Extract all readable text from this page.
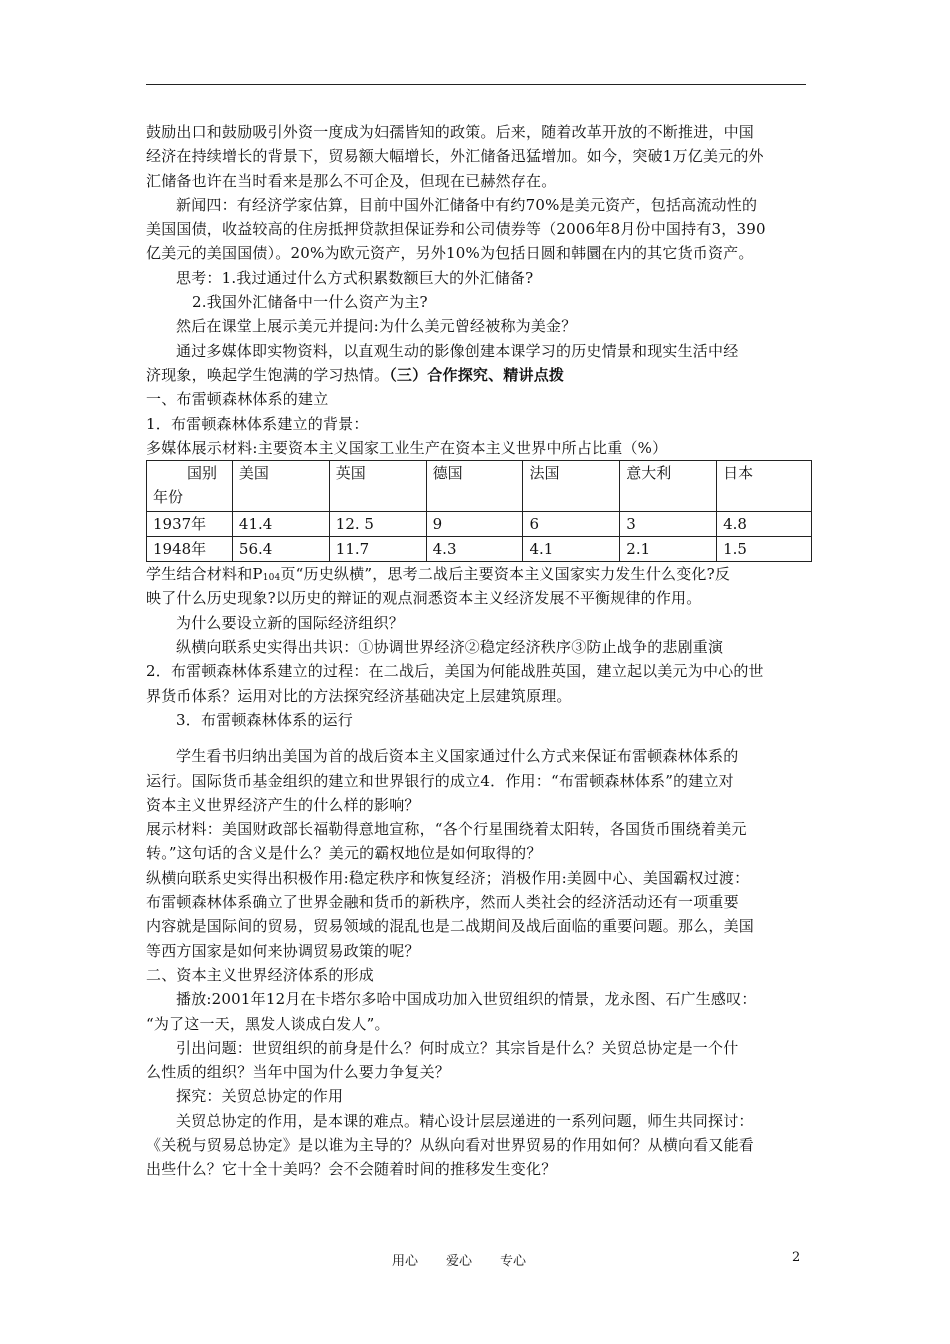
鼓励出口和鼓励吸引外资一度成为妇孺皆知的政策。后来，随着改革开放的不断推进，中国
经济在持续增长的背景下，贸易额大幅增长，外汇储备迅猛增加。如今，突破1万亿美元的外
汇储备也许在当时看来是那么不可企及，但现在已赫然存在。
新闻四：有经济学家估算，目前中国外汇储备中有约70%是美元资产，包括高流动性的
美国国债，收益较高的住房抵押贷款担保证券和公司债券等（2006年8月份中国持有3，390
亿美元的美国国债）。20%为欧元资产，另外10%为包括日圆和韩圜在内的其它货币资产。
思考：1.我过通过什么方式积累数额巨大的外汇储备?
2.我国外汇储备中一什么资产为主?
然后在课堂上展示美元并提问:为什么美元曾经被称为美金？
通过多媒体即实物资料，以直观生动的影像创建本课学习的历史情景和现实生活中经
济现象，唤起学生饱满的学习热情。（三）合作探究、精讲点拨
一、布雷顿森林体系的建立
1．布雷顿森林体系建立的背景：
多媒体展示材料:主要资本主义国家工业生产在资本主义世界中所占比重（%）
国别
年份	美国	英国	德国	法国	意大利	日本
1937年	41.4	12. 5	9	6	3	4.8
1948年	56.4	11.7	4.3	4.1	2.1	1.5
学生结合材料和$P_{104}$页“历史纵横”，思考二战后主要资本主义国家实力发生什么变化?反
映了什么历史现象?以历史的辩证的观点洞悉资本主义经济发展不平衡规律的作用。
为什么要设立新的国际经济组织？
纵横向联系史实得出共识：①协调世界经济②稳定经济秩序③防止战争的悲剧重演
2．布雷顿森林体系建立的过程：在二战后，美国为何能战胜英国，建立起以美元为中心的世
界货币体系？运用对比的方法探究经济基础决定上层建筑原理。
3．布雷顿森林体系的运行
学生看书归纳出美国为首的战后资本主义国家通过什么方式来保证布雷顿森林体系的
运行。国际货币基金组织的建立和世界银行的成立4．作用：“布雷顿森林体系”的建立对
资本主义世界经济产生的什么样的影响？
展示材料：美国财政部长福勒得意地宣称，“各个行星围绕着太阳转，各国货币围绕着美元
转。”这句话的含义是什么？美元的霸权地位是如何取得的？
纵横向联系史实得出积极作用:稳定秩序和恢复经济；消极作用:美圆中心、美国霸权过渡：
布雷顿森林体系确立了世界金融和货币的新秩序，然而人类社会的经济活动还有一项重要
内容就是国际间的贸易，贸易领域的混乱也是二战期间及战后面临的重要问题。那么，美国
等西方国家是如何来协调贸易政策的呢？
二、资本主义世界经济体系的形成
播放:2001年12月在卡塔尔多哈中国成功加入世贸组织的情景，龙永图、石广生感叹：
“为了这一天，黑发人谈成白发人”。
引出问题：世贸组织的前身是什么？何时成立？其宗旨是什么？关贸总协定是一个什
么性质的组织？当年中国为什么要力争复关？
探究：关贸总协定的作用
关贸总协定的作用，是本课的难点。精心设计层层递进的一系列问题，师生共同探讨：
《关税与贸易总协定》是以谁为主导的？从纵向看对世界贸易的作用如何？从横向看又能看
出些什么？它十全十美吗？会不会随着时间的推移发生变化？
用心 爱心 专心	2
